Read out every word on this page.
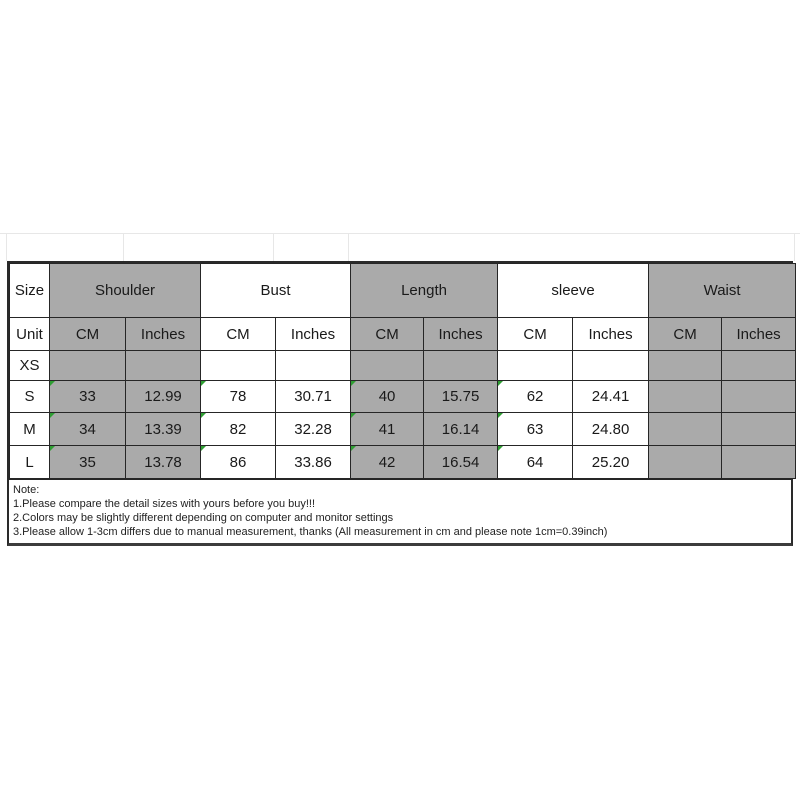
Size	Shoulder		Bust		Length		sleeve		Waist	
Unit	CM	Inches	CM	Inches	CM	Inches	CM	Inches	CM	Inches
XS										
S	33	12.99	78	30.71	40	15.75	62	24.41		
M	34	13.39	82	32.28	41	16.14	63	24.80		
L	35	13.78	86	33.86	42	16.54	64	25.20		
Note:
1.Please compare the detail sizes with yours before you buy!!!
2.Colors may be slightly different depending on computer and monitor settings
3.Please allow 1-3cm differs due to manual measurement, thanks (All measurement in cm and please note 1cm=0.39inch)
